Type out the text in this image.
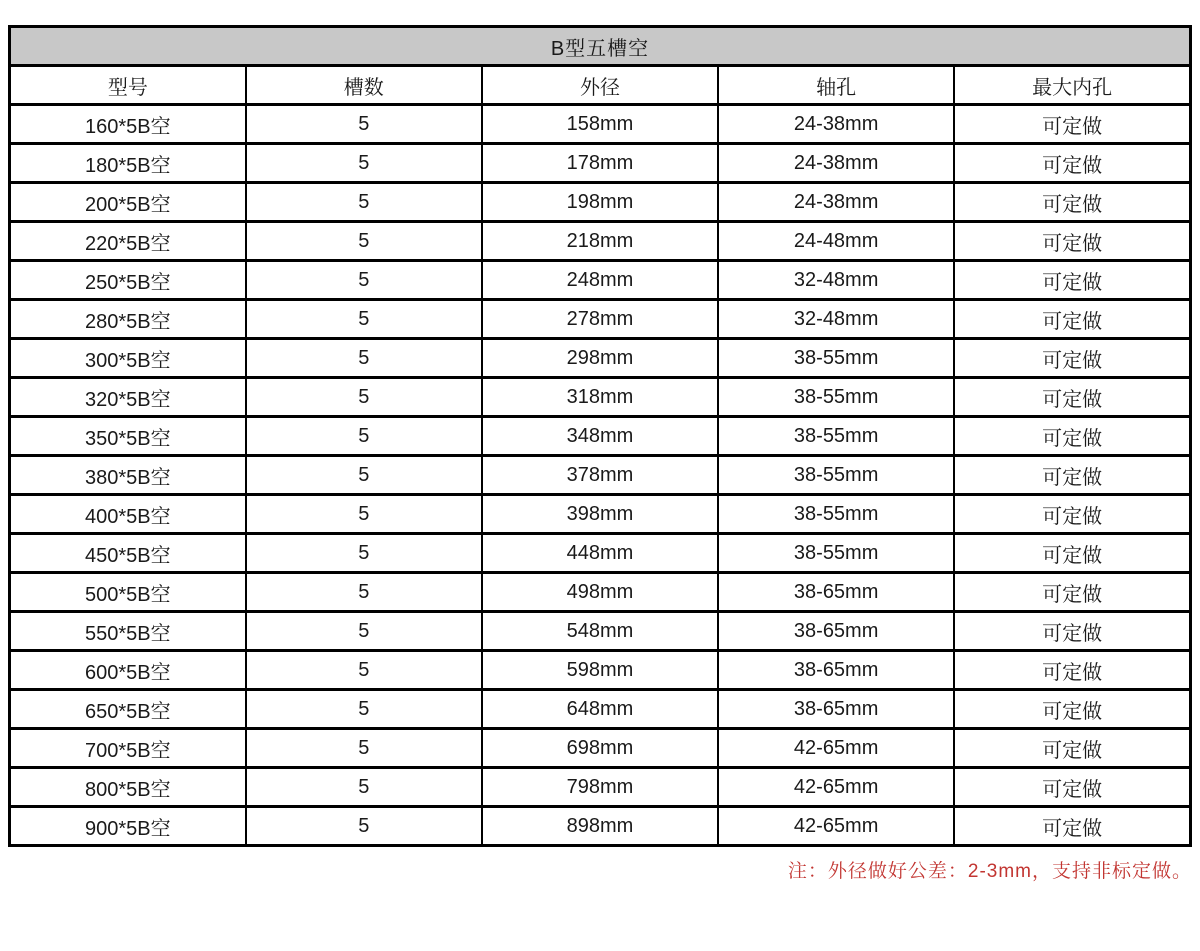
B型五槽空				
型号	槽数	外径	轴孔	最大内孔
160*5B空	5	158mm	24-38mm	可定做
180*5B空	5	178mm	24-38mm	可定做
200*5B空	5	198mm	24-38mm	可定做
220*5B空	5	218mm	24-48mm	可定做
250*5B空	5	248mm	32-48mm	可定做
280*5B空	5	278mm	32-48mm	可定做
300*5B空	5	298mm	38-55mm	可定做
320*5B空	5	318mm	38-55mm	可定做
350*5B空	5	348mm	38-55mm	可定做
380*5B空	5	378mm	38-55mm	可定做
400*5B空	5	398mm	38-55mm	可定做
450*5B空	5	448mm	38-55mm	可定做
500*5B空	5	498mm	38-65mm	可定做
550*5B空	5	548mm	38-65mm	可定做
600*5B空	5	598mm	38-65mm	可定做
650*5B空	5	648mm	38-65mm	可定做
700*5B空	5	698mm	42-65mm	可定做
800*5B空	5	798mm	42-65mm	可定做
900*5B空	5	898mm	42-65mm	可定做
注：外径做好公差：2-3mm，支持非标定做。
